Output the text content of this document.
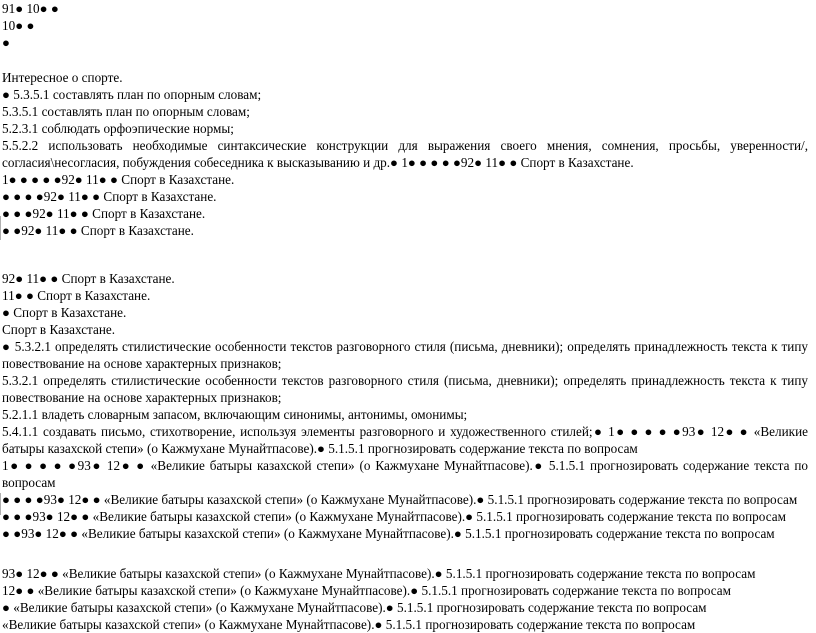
91● 10● ●
10● ●
●
Интересное о спорте.
● 5.3.5.1 составлять план по опорным словам;
5.3.5.1 составлять план по опорным словам;
5.2.3.1 соблюдать орфоэпические нормы;
5.5.2.2 использовать необходимые синтаксические конструкции для выражения своего мнения, сомнения, просьбы, уверенности/, согласия\несогласия, побуждения собеседника к высказыванию и др.● 1● ● ● ● ●92● 11● ● Спорт в Казахстане.
1● ● ● ● ●92● 11● ● Спорт в Казахстане.
● ● ● ●92● 11● ● Спорт в Казахстане.
● ● ●92● 11● ● Спорт в Казахстане.
● ●92● 11● ● Спорт в Казахстане.
92● 11● ● Спорт в Казахстане.
11● ● Спорт в Казахстане.
● Спорт в Казахстане.
Спорт в Казахстане.
● 5.3.2.1 определять стилистические особенности текстов разговорного стиля (письма, дневники); определять принадлежность текста к типу повествование на основе характерных признаков;
5.3.2.1 определять стилистические особенности текстов разговорного стиля (письма, дневники); определять принадлежность текста к типу повествование на основе характерных признаков;
5.2.1.1 владеть словарным запасом, включающим синонимы, антонимы, омонимы;
5.4.1.1 создавать письмо, стихотворение, используя элементы разговорного и художественного стилей;● 1● ● ● ● ●93● 12● ● «Великие батыры казахской степи» (о Кажмухане Мунайтпасове).● 5.1.5.1 прогнозировать содержание текста по вопросам
1● ● ● ● ●93● 12● ● «Великие батыры казахской степи» (о Кажмухане Мунайтпасове).● 5.1.5.1 прогнозировать содержание текста по вопросам
● ● ● ●93● 12● ● «Великие батыры казахской степи» (о Кажмухане Мунайтпасове).● 5.1.5.1 прогнозировать содержание текста по вопросам
● ● ●93● 12● ● «Великие батыры казахской степи» (о Кажмухане Мунайтпасове).● 5.1.5.1 прогнозировать содержание текста по вопросам
● ●93● 12● ● «Великие батыры казахской степи» (о Кажмухане Мунайтпасове).● 5.1.5.1 прогнозировать содержание текста по вопросам
93● 12● ● «Великие батыры казахской степи» (о Кажмухане Мунайтпасове).● 5.1.5.1 прогнозировать содержание текста по вопросам
12● ● «Великие батыры казахской степи» (о Кажмухане Мунайтпасове).● 5.1.5.1 прогнозировать содержание текста по вопросам
● «Великие батыры казахской степи» (о Кажмухане Мунайтпасове).● 5.1.5.1 прогнозировать содержание текста по вопросам
«Великие батыры казахской степи» (о Кажмухане Мунайтпасове).● 5.1.5.1 прогнозировать содержание текста по вопросам
